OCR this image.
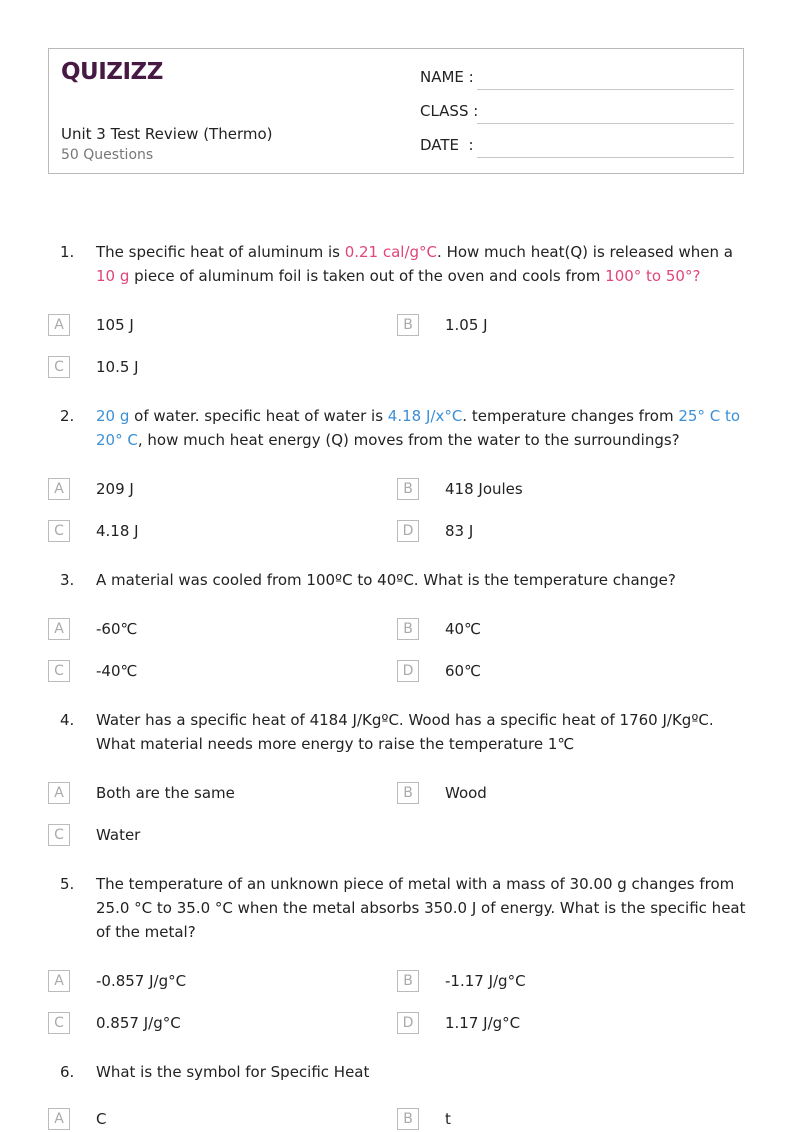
QUIZIZZ
Unit 3 Test Review (Thermo)
50 Questions
NAME :
CLASS :
DATE  :
1. The specific heat of aluminum is 0.21 cal/g°C. How much heat(Q) is released when a 10 g piece of aluminum foil is taken out of the oven and cools from 100° to 50°?
A	105 J	B	1.05 J
C	10.5 J
2. 20 g of water. specific heat of water is 4.18 J/x°C. temperature changes from 25° C to 20° C, how much heat energy (Q) moves from the water to the surroundings?
A	209 J	B	418 Joules
C	4.18 J	D	83 J
3. A material was cooled from 100ºC to 40ºC. What is the temperature change?
A	-60℃	B	40℃
C	-40℃	D	60℃
4. Water has a specific heat of 4184 J/KgºC. Wood has a specific heat of 1760 J/KgºC. What material needs more energy to raise the temperature 1℃
A	Both are the same	B	Wood
C	Water
5. The temperature of an unknown piece of metal with a mass of 30.00 g changes from 25.0 °C to 35.0 °C when the metal absorbs 350.0 J of energy. What is the specific heat of the metal?
A	-0.857 J/g°C	B	-1.17 J/g°C
C	0.857 J/g°C	D	1.17 J/g°C
6. What is the symbol for Specific Heat
A	C	B	t
